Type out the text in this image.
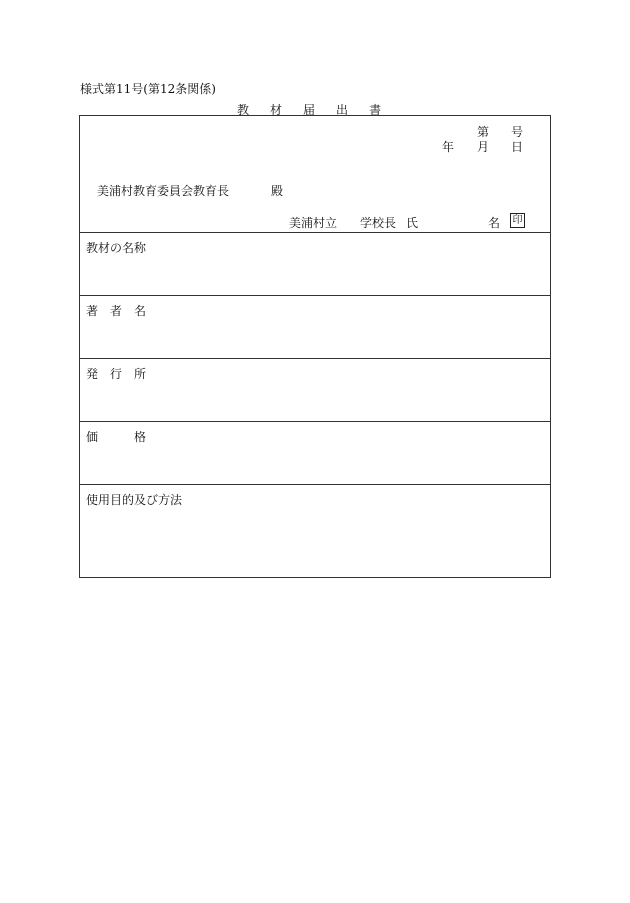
様式第11号(第12条関係)
教 材 届 出 書
第 号
年 月 日
美浦村教育委員会教育長	殿
美浦村立 学校長 氏	名 印
教材の名称
著 者 名
発 行 所
価	格
使用目的及び方法
